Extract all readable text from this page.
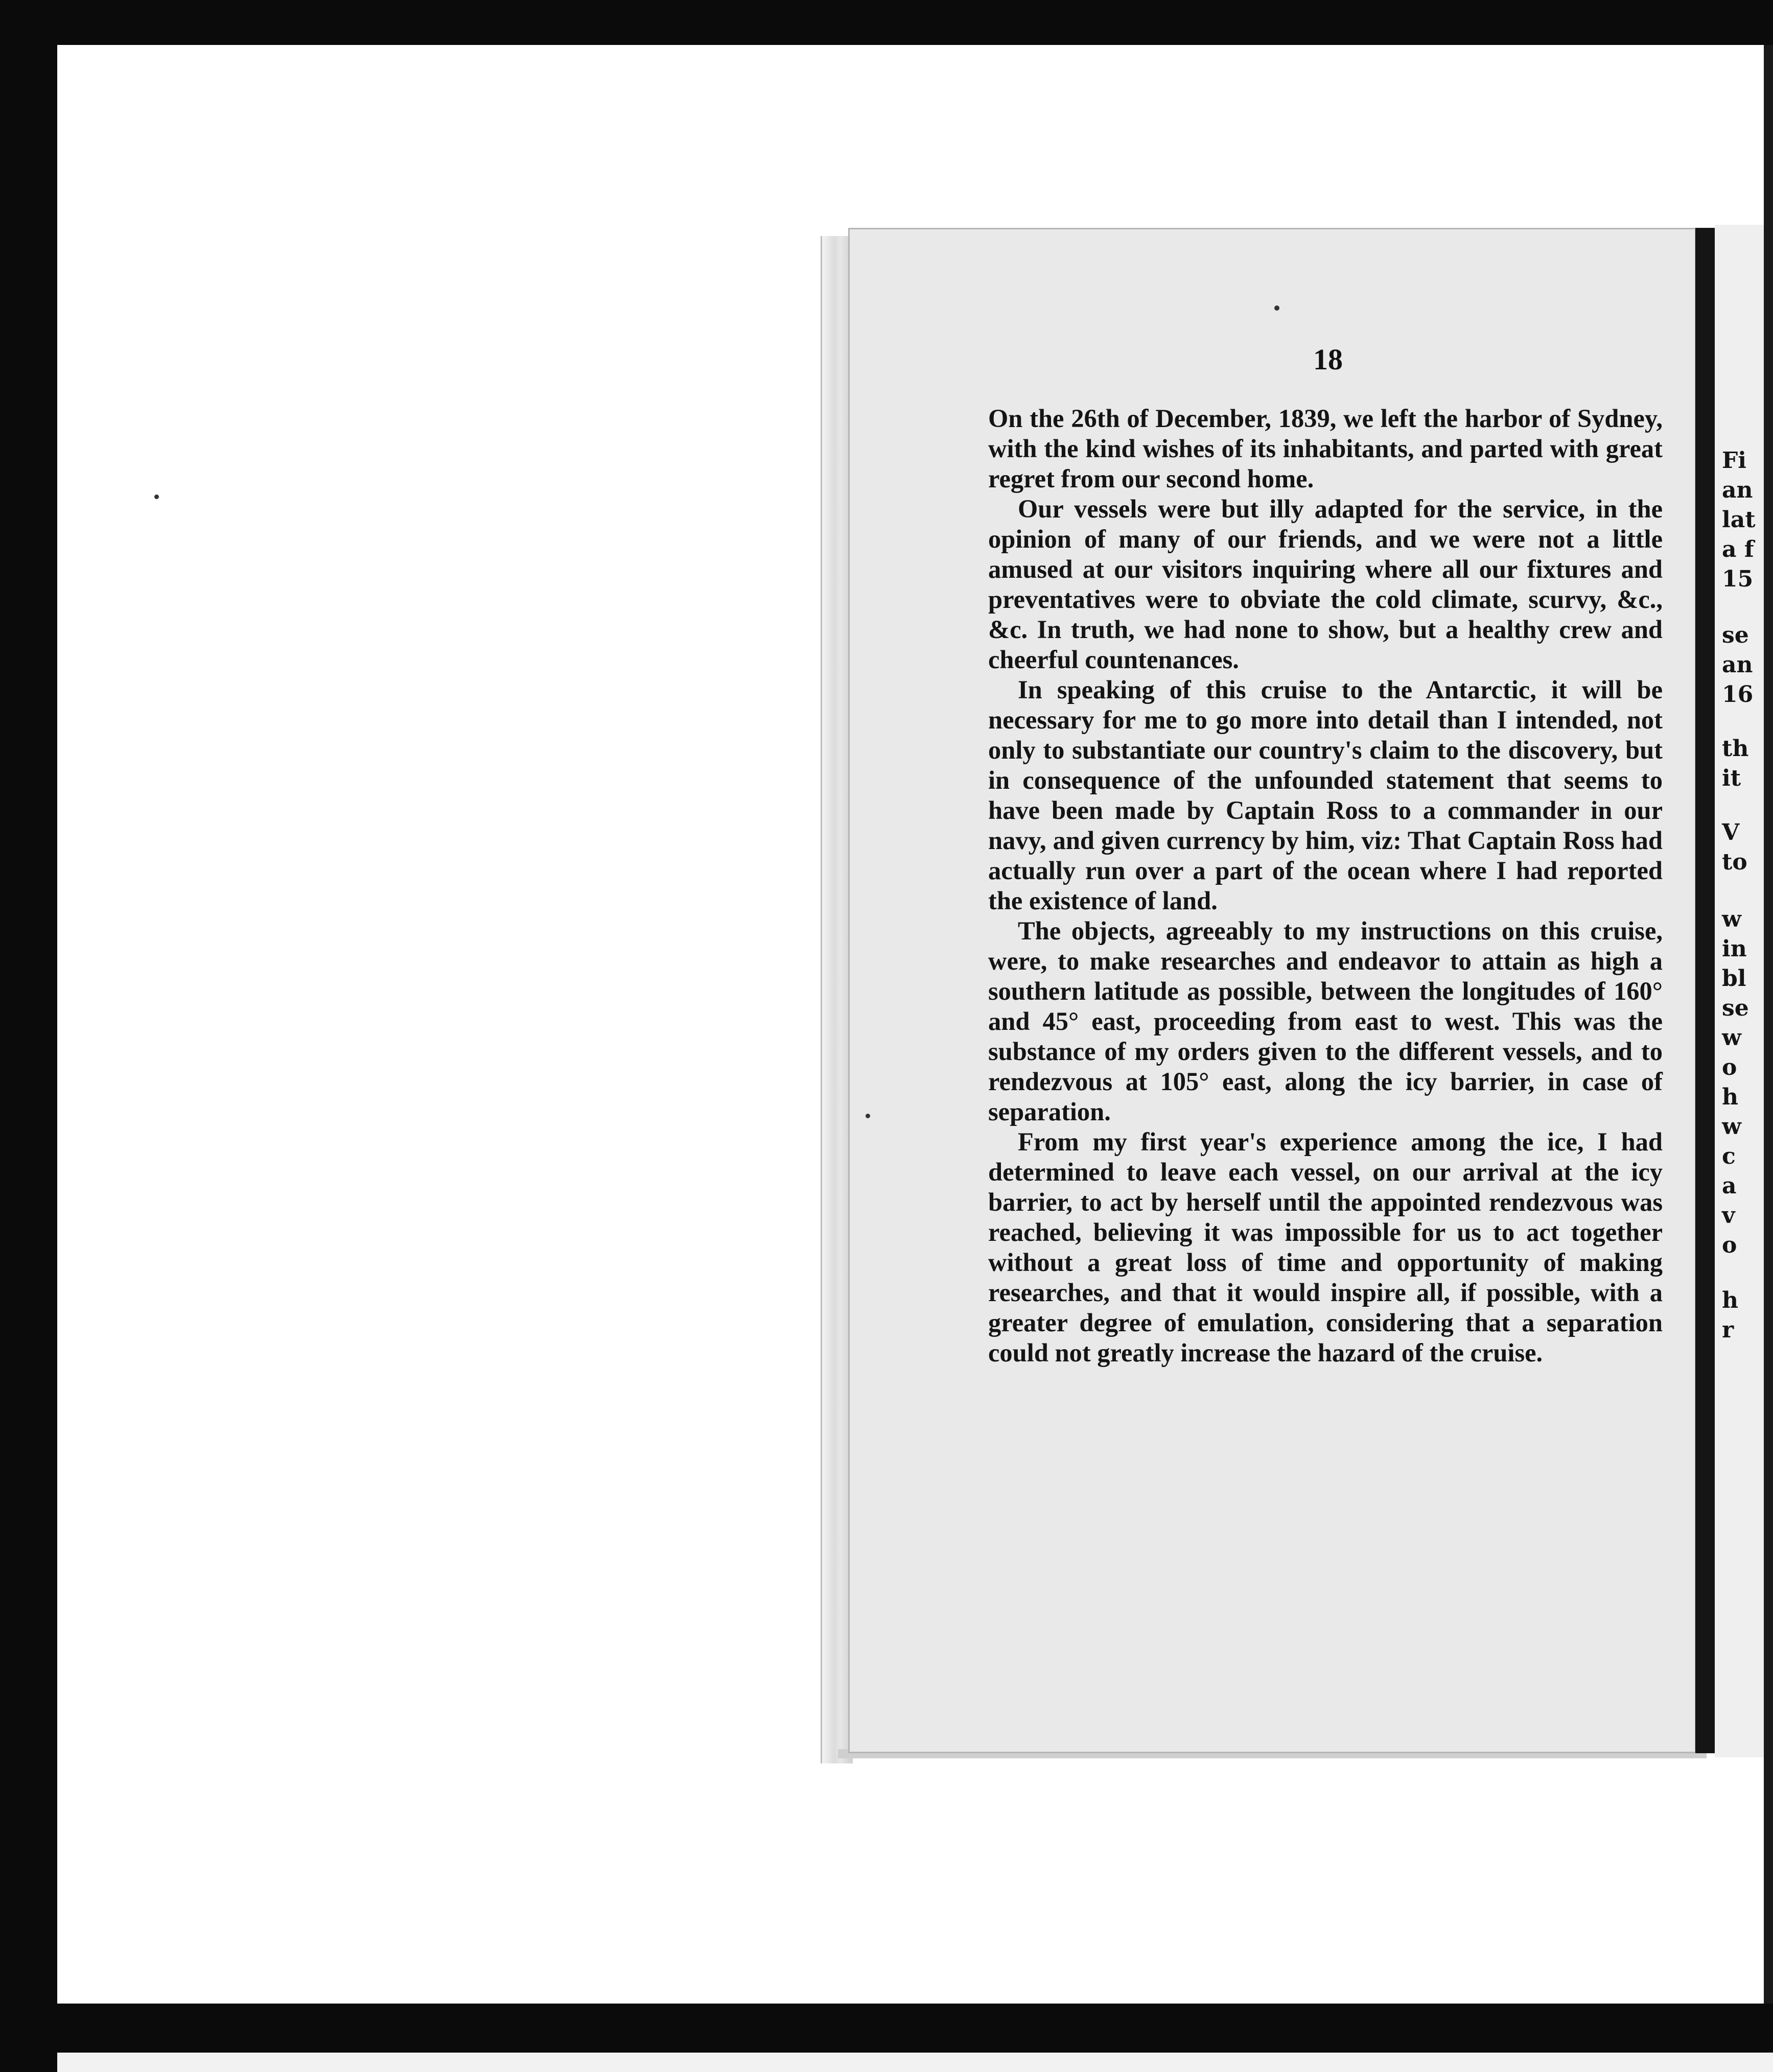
18

On the 26th of December, 1839, we left the harbor of Sydney, with the kind wishes of its inhabitants, and parted with great regret from our second home.

Our vessels were but illy adapted for the service, in the opinion of many of our friends, and we were not a little amused at our visitors inquiring where all our fixtures and preventatives were to obviate the cold climate, scurvy, &c., &c. In truth, we had none to show, but a healthy crew and cheerful countenances.

In speaking of this cruise to the Antarctic, it will be necessary for me to go more into detail than I intended, not only to substantiate our country's claim to the discovery, but in consequence of the unfounded statement that seems to have been made by Captain Ross to a commander in our navy, and given currency by him, viz: That Captain Ross had actually run over a part of the ocean where I had reported the existence of land.

The objects, agreeably to my instructions on this cruise, were, to make researches and endeavor to attain as high a southern latitude as possible, between the longitudes of 160° and 45° east, proceeding from east to west. This was the substance of my orders given to the different vessels, and to rendezvous at 105° east, along the icy barrier, in case of separation.

From my first year's experience among the ice, I had determined to leave each vessel, on our arrival at the icy barrier, to act by herself until the appointed rendezvous was reached, believing it was impossible for us to act together without a great loss of time and opportunity of making researches, and that it would inspire all, if possible, with a greater degree of emulation, considering that a separation could not greatly increase the hazard of the cruise.

Fi
an
lat
a f
15
se
an
16
th
it
V
to
w
in
bl
se
w
o
h
w
c
a
v
o
h
r
